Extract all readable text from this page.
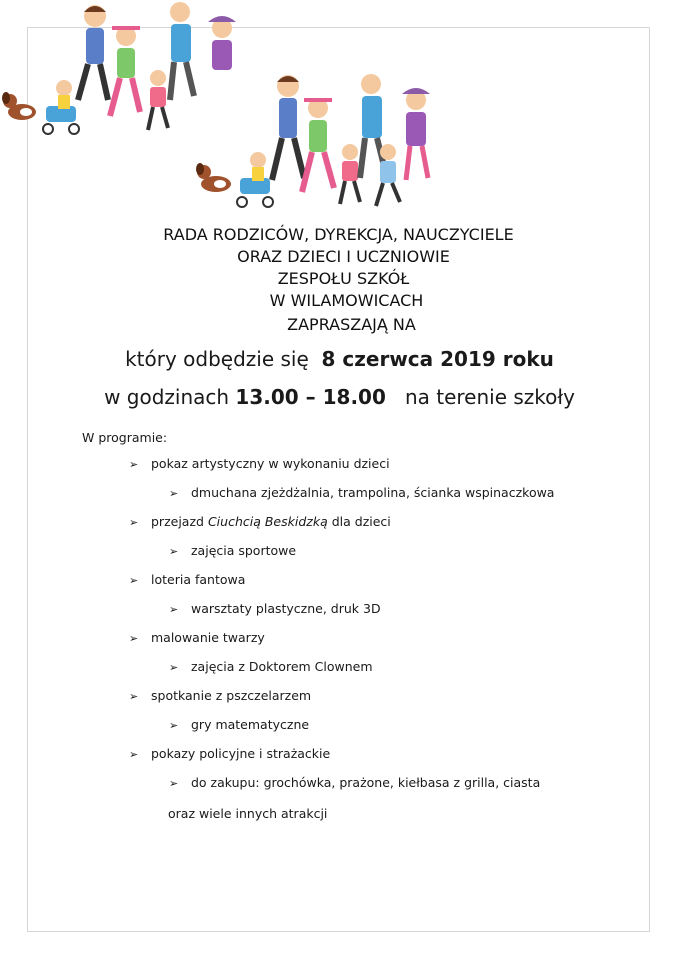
RADA RODZICÓW, DYREKCJA, NAUCZYCIELE
ORAZ DZIECI I UCZNIOWIE
ZESPOŁU SZKÓŁ
W WILAMOWICACH
ZAPRASZAJĄ NA
który odbędzie się 8 czerwca 2019 roku
w godzinach 13.00 – 18.00 na terenie szkoły
W programie:
➢ pokaz artystyczny w wykonaniu dzieci
➢ dmuchana zjeżdżalnia, trampolina, ścianka wspinaczkowa
➢ przejazd Ciuchcią Beskidzką dla dzieci
➢ zajęcia sportowe
➢ loteria fantowa
➢ warsztaty plastyczne, druk 3D
➢ malowanie twarzy
➢ zajęcia z Doktorem Clownem
➢ spotkanie z pszczelarzem
➢ gry matematyczne
➢ pokazy policyjne i strażackie
➢ do zakupu: grochówka, prażone, kiełbasa z grilla, ciasta
oraz wiele innych atrakcji
